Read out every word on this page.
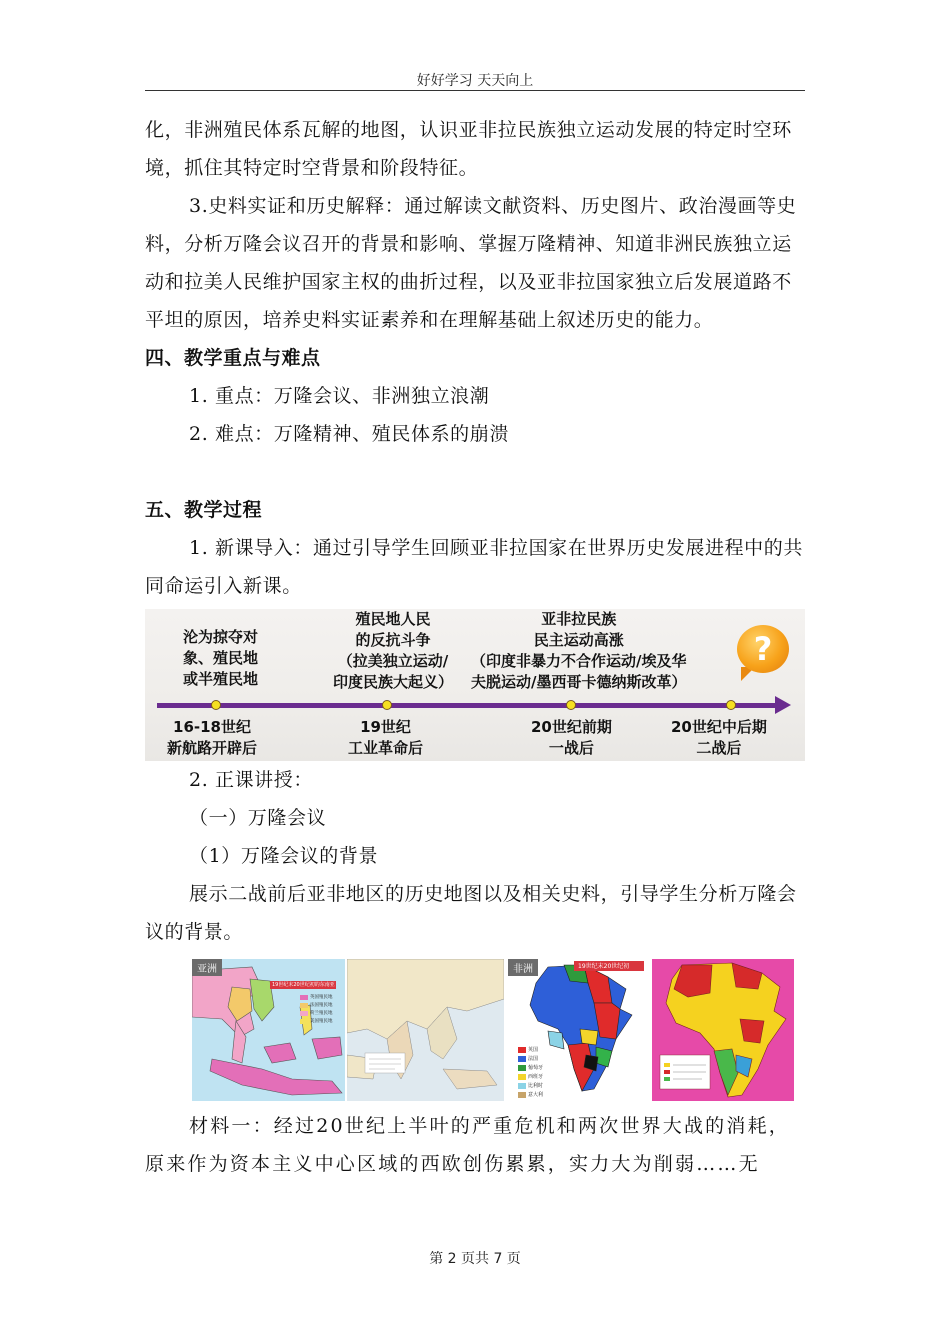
好好学习 天天向上

化，非洲殖民体系瓦解的地图，认识亚非拉民族独立运动发展的特定时空环境，抓住其特定时空背景和阶段特征。

3.史料实证和历史解释：通过解读文献资料、历史图片、政治漫画等史料，分析万隆会议召开的背景和影响、掌握万隆精神、知道非洲民族独立运动和拉美人民维护国家主权的曲折过程，以及亚非拉国家独立后发展道路不平坦的原因，培养史料实证素养和在理解基础上叙述历史的能力。

四、教学重点与难点

1. 重点：万隆会议、非洲独立浪潮

2. 难点：万隆精神、殖民体系的崩溃

五、教学过程

1. 新课导入：通过引导学生回顾亚非拉国家在世界历史发展进程中的共同命运引入新课。

沦为掠夺对
象、殖民地
或半殖民地
殖民地人民
的反抗斗争
（拉美独立运动/
印度民族大起义）
亚非拉民族
民主运动高涨
（印度非暴力不合作运动/埃及华
夫脱运动/墨西哥卡德纳斯改革）
16-18世纪
新航路开辟后
19世纪
工业革命后
20世纪前期
一战后
20世纪中后期
二战后
?

2. 正课讲授：

（一）万隆会议

（1）万隆会议的背景

展示二战前后亚非地区的历史地图以及相关史料，引导学生分析万隆会议的背景。

亚洲
19世纪末20世纪初的东南亚
英国殖民地
法国殖民地
荷兰殖民地
美国殖民地
非洲	19世纪末20世纪初
英国
法国
葡萄牙
西班牙
比利时
意大利

材料一：经过20世纪上半叶的严重危机和两次世界大战的消耗，原来作为资本主义中心区域的西欧创伤累累，实力大为削弱……无

第 2 页共 7 页
